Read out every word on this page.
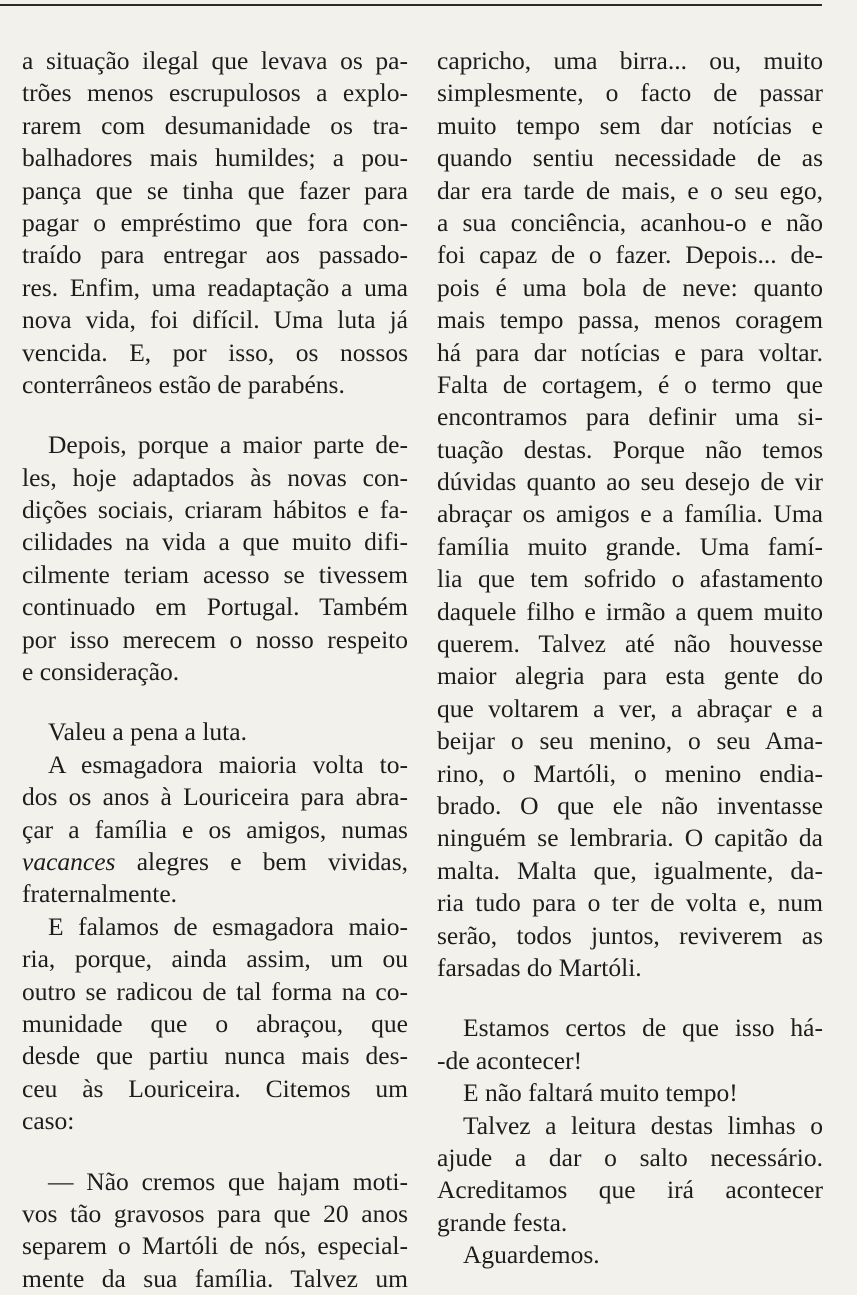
a situação ilegal que levava os pa-
trões menos escrupulosos a explo-
rarem com desumanidade os tra-
balhadores mais humildes; a pou-
pança que se tinha que fazer para
pagar o empréstimo que fora con-
traído para entregar aos passado-
res. Enfim, uma readaptação a uma
nova vida, foi difícil. Uma luta já
vencida. E, por isso, os nossos
conterrâneos estão de parabéns.
Depois, porque a maior parte de-
les, hoje adaptados às novas con-
dições sociais, criaram hábitos e fa-
cilidades na vida a que muito difi-
cilmente teriam acesso se tivessem
continuado em Portugal. Também
por isso merecem o nosso respeito
e consideração.
Valeu a pena a luta.
A esmagadora maioria volta to-
dos os anos à Louriceira para abra-
çar a família e os amigos, numas
vacances alegres e bem vividas,
fraternalmente.
E falamos de esmagadora maio-
ria, porque, ainda assim, um ou
outro se radicou de tal forma na co-
munidade que o abraçou, que
desde que partiu nunca mais des-
ceu às Louriceira. Citemos um
caso:
— Não cremos que hajam moti-
vos tão gravosos para que 20 anos
separem o Martóli de nós, especial-
mente da sua família. Talvez um
capricho, uma birra... ou, muito
simplesmente, o facto de passar
muito tempo sem dar notícias e
quando sentiu necessidade de as
dar era tarde de mais, e o seu ego,
a sua conciência, acanhou-o e não
foi capaz de o fazer. Depois... de-
pois é uma bola de neve: quanto
mais tempo passa, menos coragem
há para dar notícias e para voltar.
Falta de cortagem, é o termo que
encontramos para definir uma si-
tuação destas. Porque não temos
dúvidas quanto ao seu desejo de vir
abraçar os amigos e a família. Uma
família muito grande. Uma famí-
lia que tem sofrido o afastamento
daquele filho e irmão a quem muito
querem. Talvez até não houvesse
maior alegria para esta gente do
que voltarem a ver, a abraçar e a
beijar o seu menino, o seu Ama-
rino, o Martóli, o menino endia-
brado. O que ele não inventasse
ninguém se lembraria. O capitão da
malta. Malta que, igualmente, da-
ria tudo para o ter de volta e, num
serão, todos juntos, reviverem as
farsadas do Martóli.
Estamos certos de que isso há-
-de acontecer!
E não faltará muito tempo!
Talvez a leitura destas limhas o
ajude a dar o salto necessário.
Acreditamos que irá acontecer
grande festa.
Aguardemos.
